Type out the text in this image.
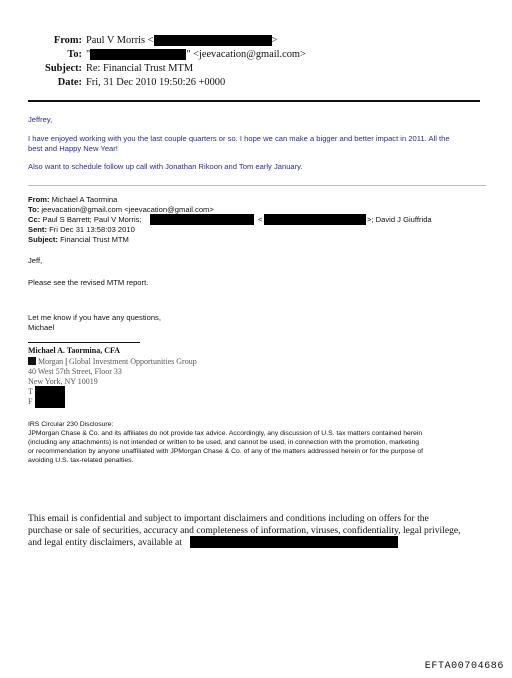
From: Paul V Morris <	>
To: "	" <jeevacation@gmail.com>
Subject: Re: Financial Trust MTM
Date: Fri, 31 Dec 2010 19:50:26 +0000
Jeffrey,
I have enjoyed working with you the last couple quarters or so. I hope we can make a bigger and better impact in 2011. All the
best and Happy New Year!
Also want to schedule follow up call with Jonathan Rikoon and Tom early January.
From: Michael A Taormina
To: jeevacation@gmail.com <jeevacation@gmail.com>
Cc: Paul S Barrett; Paul V Morris;	<	>; David J Giuffrida
Sent: Fri Dec 31 13:58:03 2010
Subject: Financial Trust MTM
Jeff,
Please see the revised MTM report.
Let me know if you have any questions,
Michael
Michael A. Taormina, CFA
Morgan | Global Investment Opportunities Group
40 West 57th Street, Floor 33
New York, NY 10019
T
F
IRS Circular 230 Disclosure:
JPMorgan Chase & Co. and its affiliates do not provide tax advice. Accordingly, any discussion of U.S. tax matters contained herein
(including any attachments) is not intended or written to be used, and cannot be used, in connection with the promotion, marketing
or recommendation by anyone unaffiliated with JPMorgan Chase & Co. of any of the matters addressed herein or for the purpose of
avoiding U.S. tax-related penalties.
This email is confidential and subject to important disclaimers and conditions including on offers for the
purchase or sale of securities, accuracy and completeness of information, viruses, confidentiality, legal privilege,
and legal entity disclaimers, available at
EFTA00704686
